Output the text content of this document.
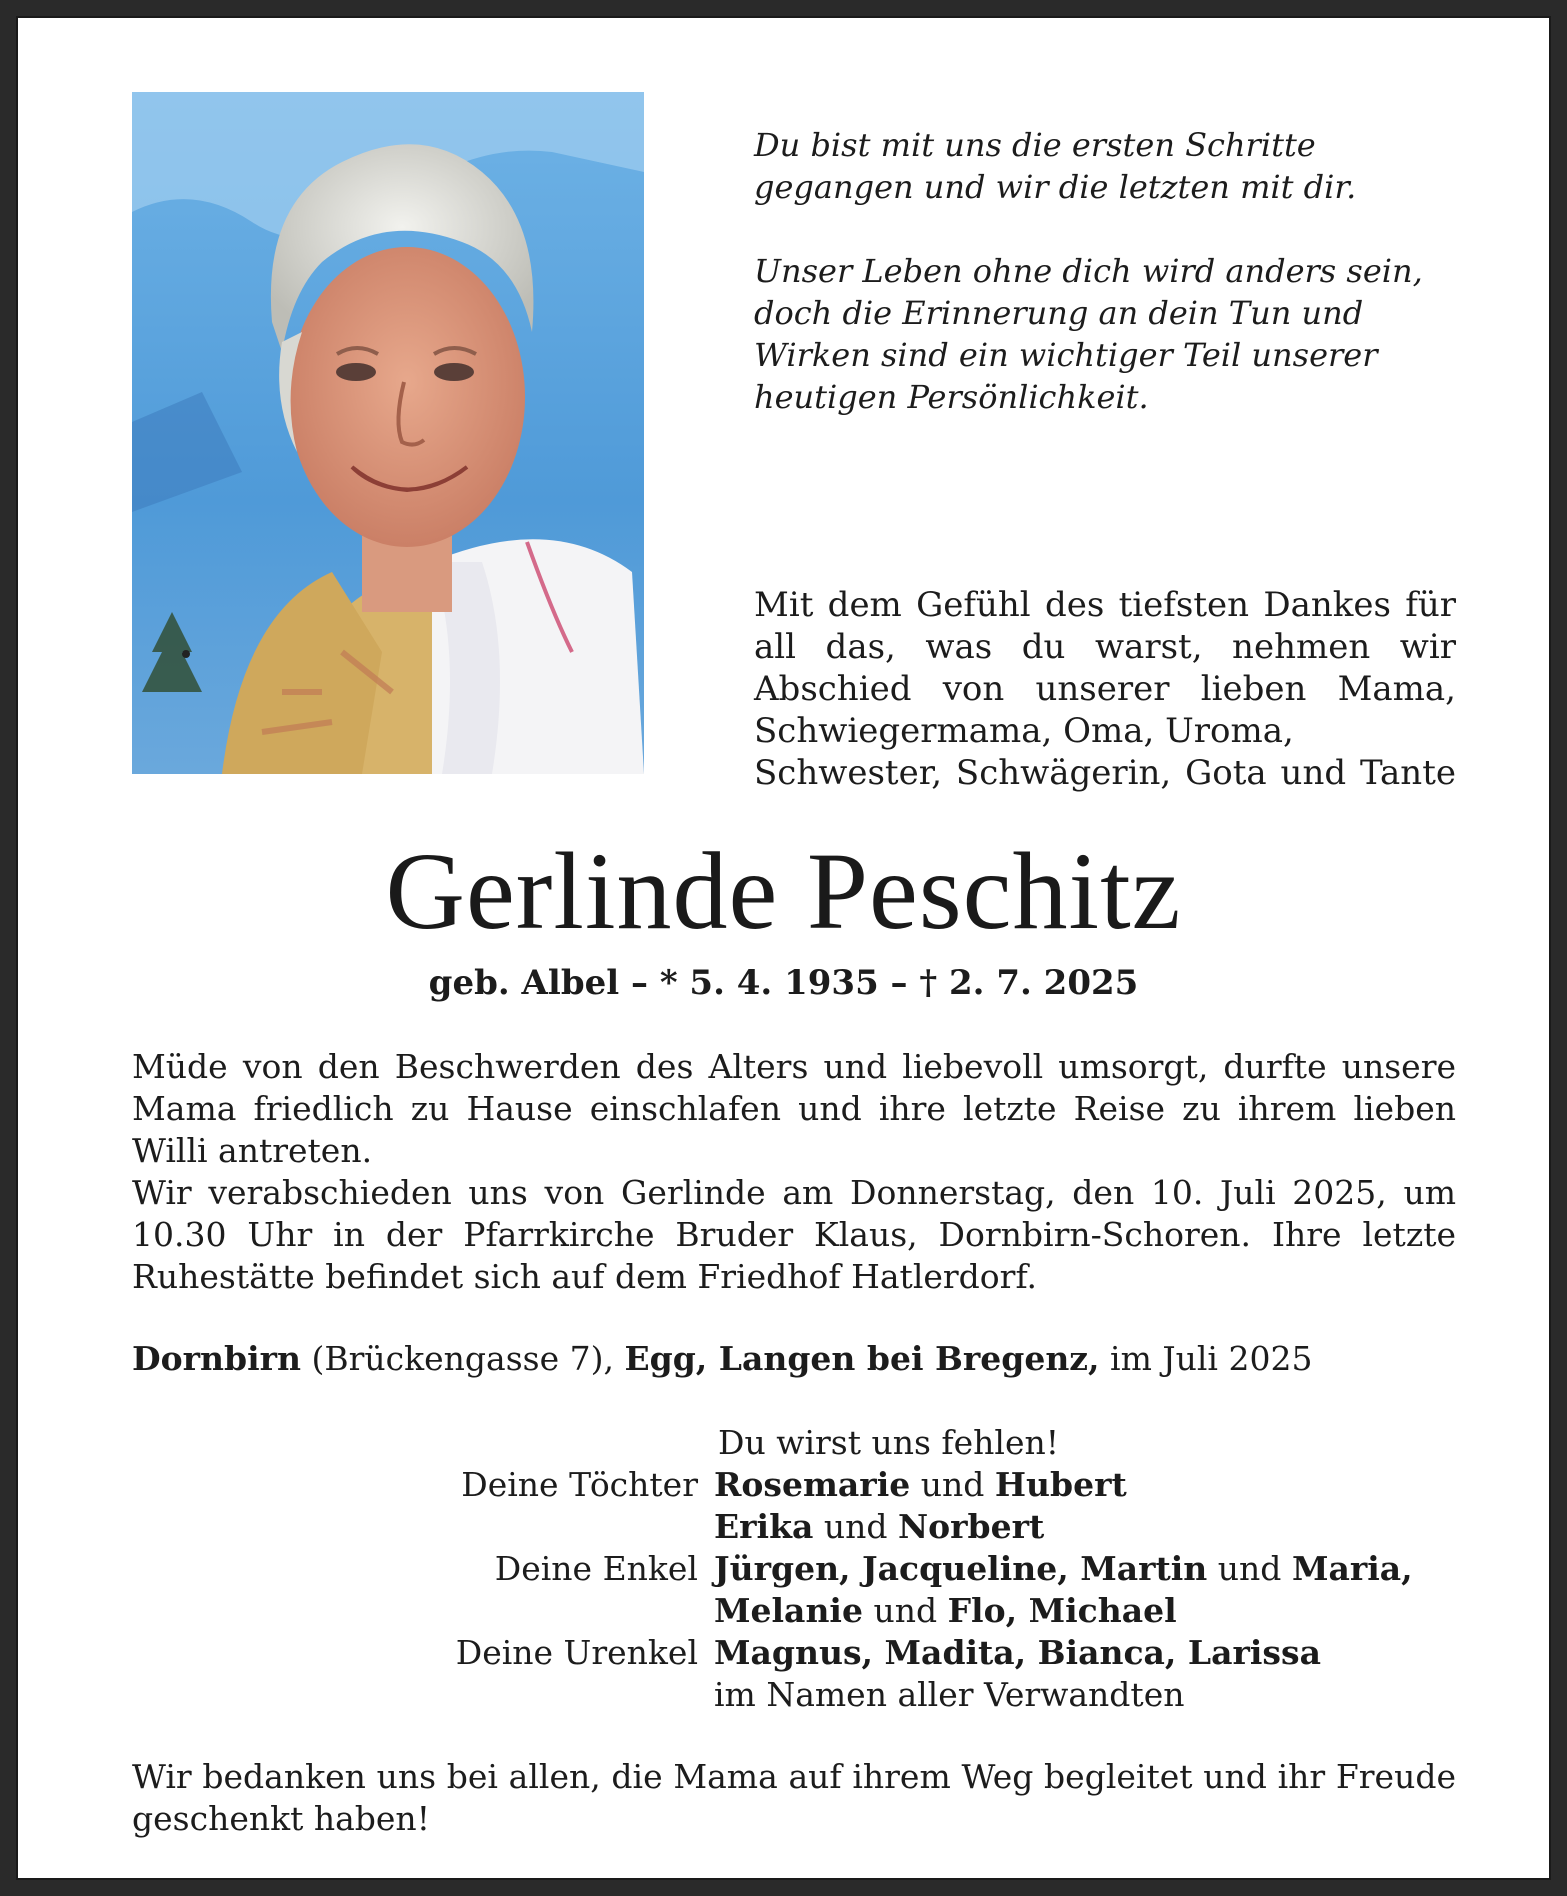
Du bist mit uns die ersten Schritte gegangen und wir die letzten mit dir.

Unser Leben ohne dich wird anders sein, doch die Erinnerung an dein Tun und Wirken sind ein wichtiger Teil unserer heutigen Persönlichkeit.

Mit dem Gefühl des tiefsten Dankes für all das, was du warst, nehmen wir Abschied von unserer lieben Mama, Schwiegermama, Oma, Uroma,
Schwester, Schwägerin, Gota und Tante
Gerlinde Peschitz
geb. Albel – * 5. 4. 1935 – † 2. 7. 2025

Müde von den Beschwerden des Alters und liebevoll umsorgt, durfte unsere Mama friedlich zu Hause einschlafen und ihre letzte Reise zu ihrem lieben Willi antreten.

Wir verabschieden uns von Gerlinde am Donnerstag, den 10. Juli 2025, um 10.30 Uhr in der Pfarrkirche Bruder Klaus, Dornbirn-Schoren. Ihre letzte Ruhestätte befindet sich auf dem Friedhof Hatlerdorf.

Dornbirn (Brückengasse 7), Egg, Langen bei Bregenz, im Juli 2025
Du wirst uns fehlen!
Deine Töchter Rosemarie und Hubert
Erika und Norbert
Deine Enkel Jürgen, Jacqueline, Martin und Maria,
Melanie und Flo, Michael
Deine Urenkel Magnus, Madita, Bianca, Larissa
im Namen aller Verwandten
Wir bedanken uns bei allen, die Mama auf ihrem Weg begleitet und ihr Freude geschenkt haben!
